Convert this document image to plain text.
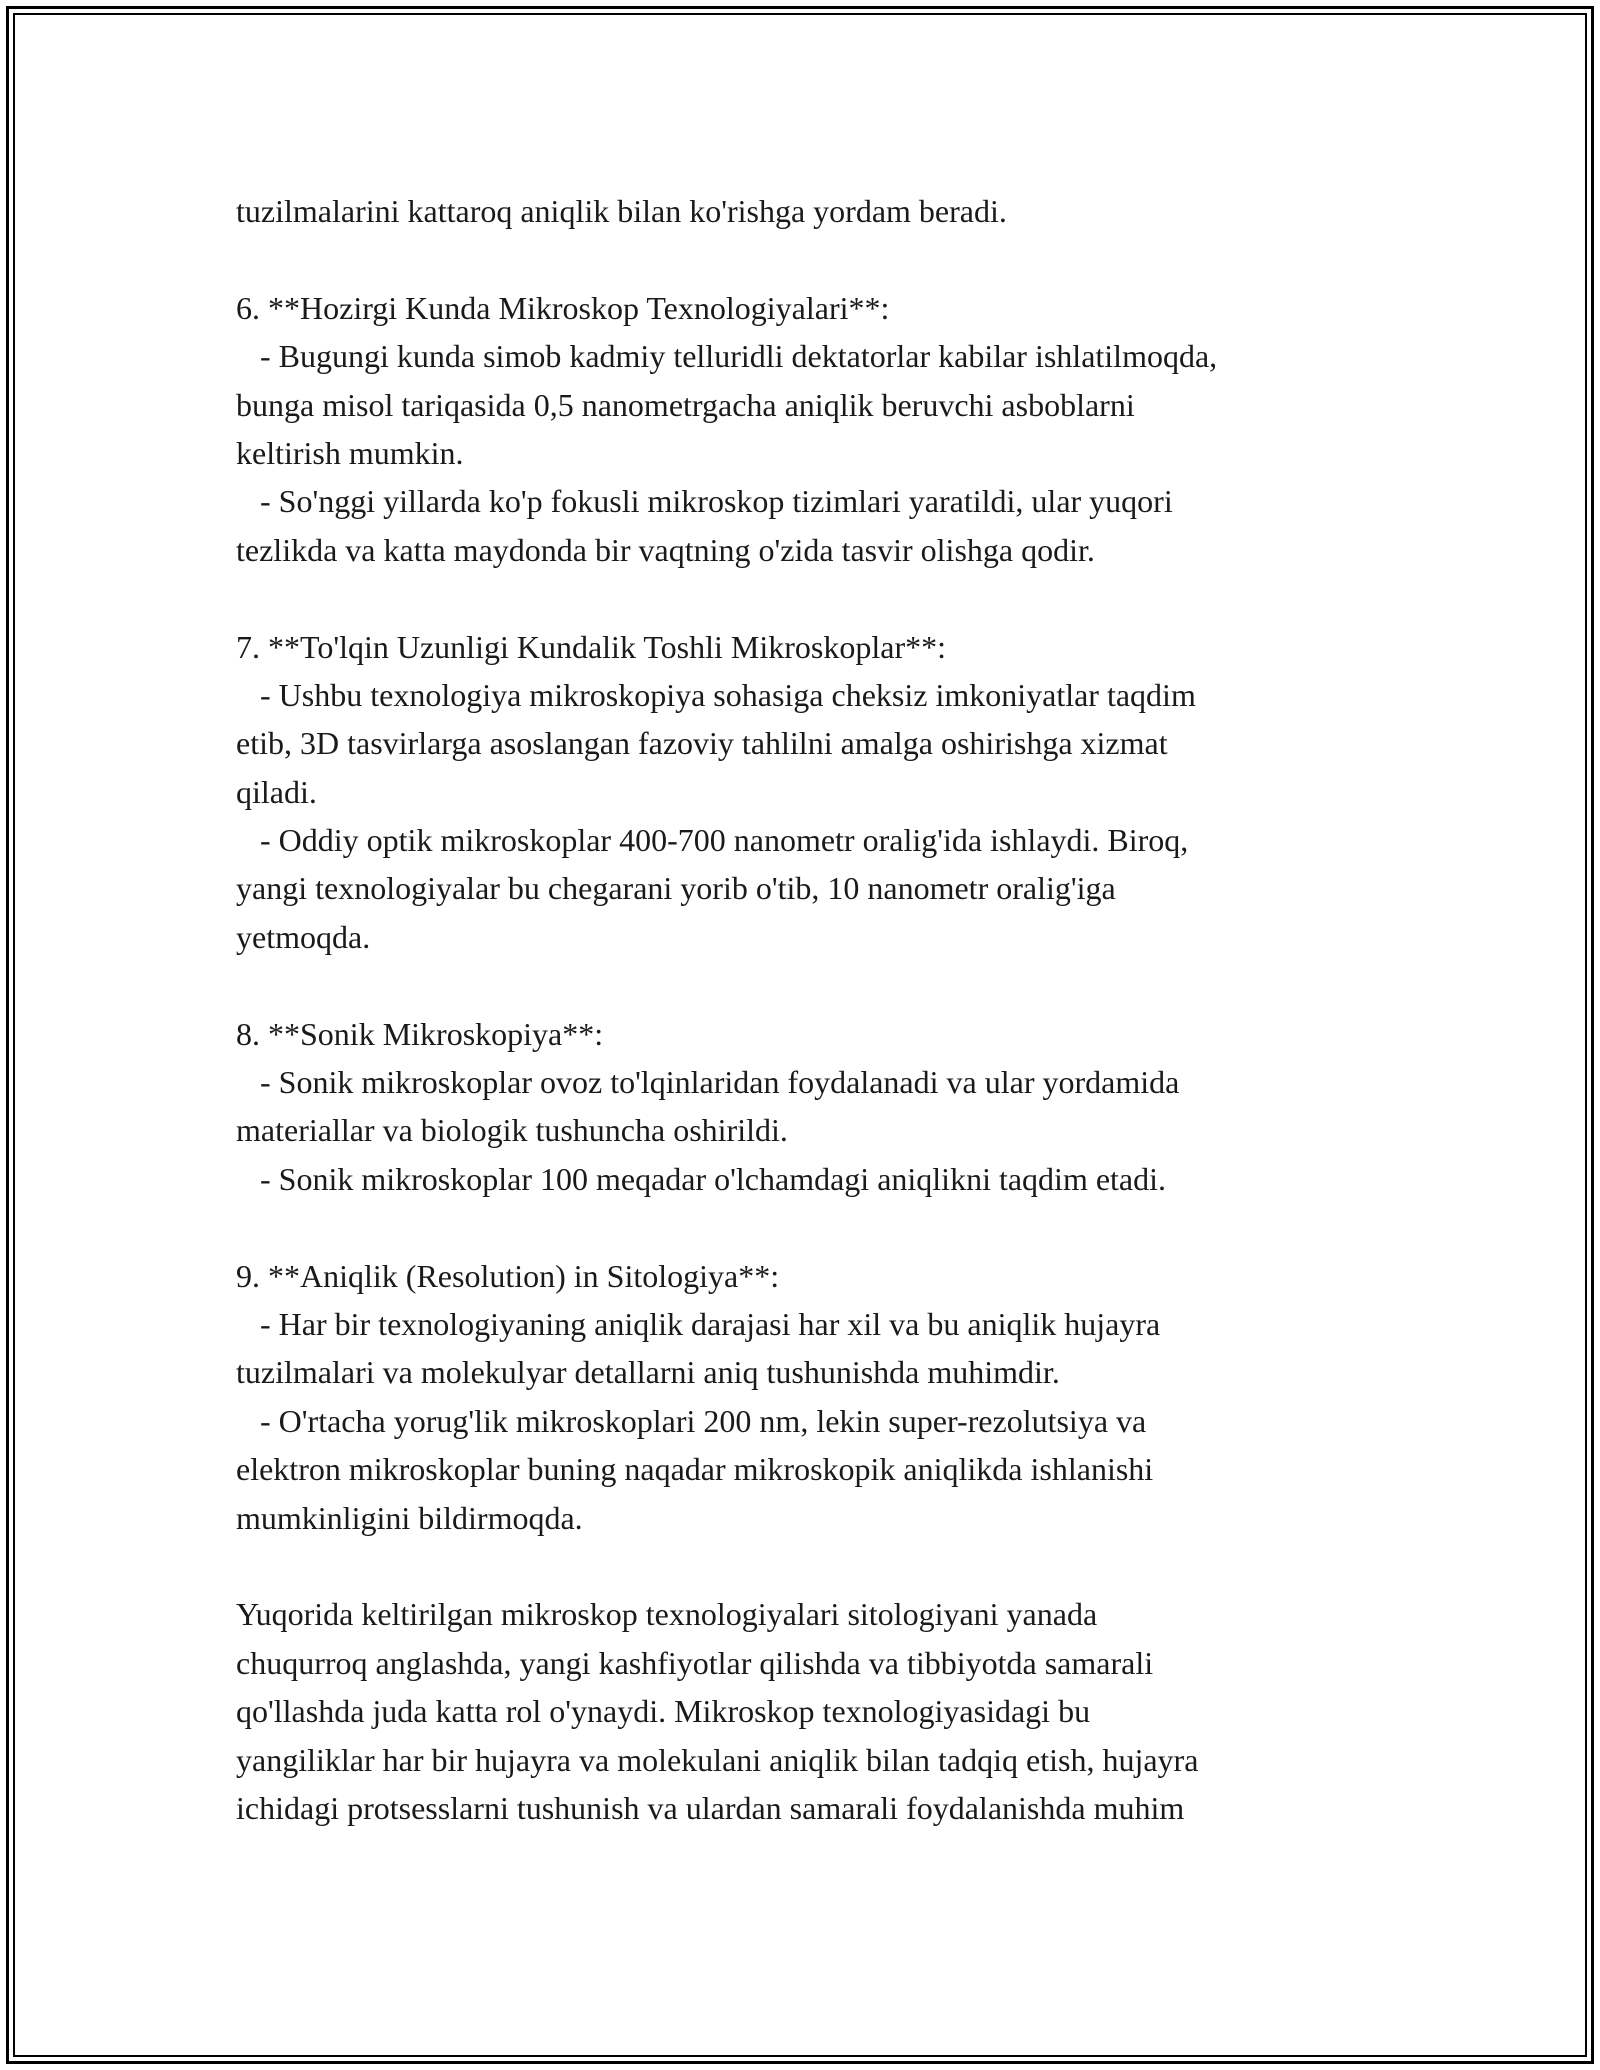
tuzilmalarini kattaroq aniqlik bilan ko'rishga yordam beradi.
6. **Hozirgi Kunda Mikroskop Texnologiyalari**:
- Bugungi kunda simob kadmiy telluridli dektatorlar kabilar ishlatilmoqda,
bunga misol tariqasida 0,5 nanometrgacha aniqlik beruvchi asboblarni
keltirish mumkin.
- So'nggi yillarda ko'p fokusli mikroskop tizimlari yaratildi, ular yuqori
tezlikda va katta maydonda bir vaqtning o'zida tasvir olishga qodir.
7. **To'lqin Uzunligi Kundalik Toshli Mikroskoplar**:
- Ushbu texnologiya mikroskopiya sohasiga cheksiz imkoniyatlar taqdim
etib, 3D tasvirlarga asoslangan fazoviy tahlilni amalga oshirishga xizmat
qiladi.
- Oddiy optik mikroskoplar 400-700 nanometr oralig'ida ishlaydi. Biroq,
yangi texnologiyalar bu chegarani yorib o'tib, 10 nanometr oralig'iga
yetmoqda.
8. **Sonik Mikroskopiya**:
- Sonik mikroskoplar ovoz to'lqinlaridan foydalanadi va ular yordamida
materiallar va biologik tushuncha oshirildi.
- Sonik mikroskoplar 100 meqadar o'lchamdagi aniqlikni taqdim etadi.
9. **Aniqlik (Resolution) in Sitologiya**:
- Har bir texnologiyaning aniqlik darajasi har xil va bu aniqlik hujayra
tuzilmalari va molekulyar detallarni aniq tushunishda muhimdir.
- O'rtacha yorug'lik mikroskoplari 200 nm, lekin super-rezolutsiya va
elektron mikroskoplar buning naqadar mikroskopik aniqlikda ishlanishi
mumkinligini bildirmoqda.
Yuqorida keltirilgan mikroskop texnologiyalari sitologiyani yanada
chuqurroq anglashda, yangi kashfiyotlar qilishda va tibbiyotda samarali
qo'llashda juda katta rol o'ynaydi. Mikroskop texnologiyasidagi bu
yangiliklar har bir hujayra va molekulani aniqlik bilan tadqiq etish, hujayra
ichidagi protsesslarni tushunish va ulardan samarali foydalanishda muhim
